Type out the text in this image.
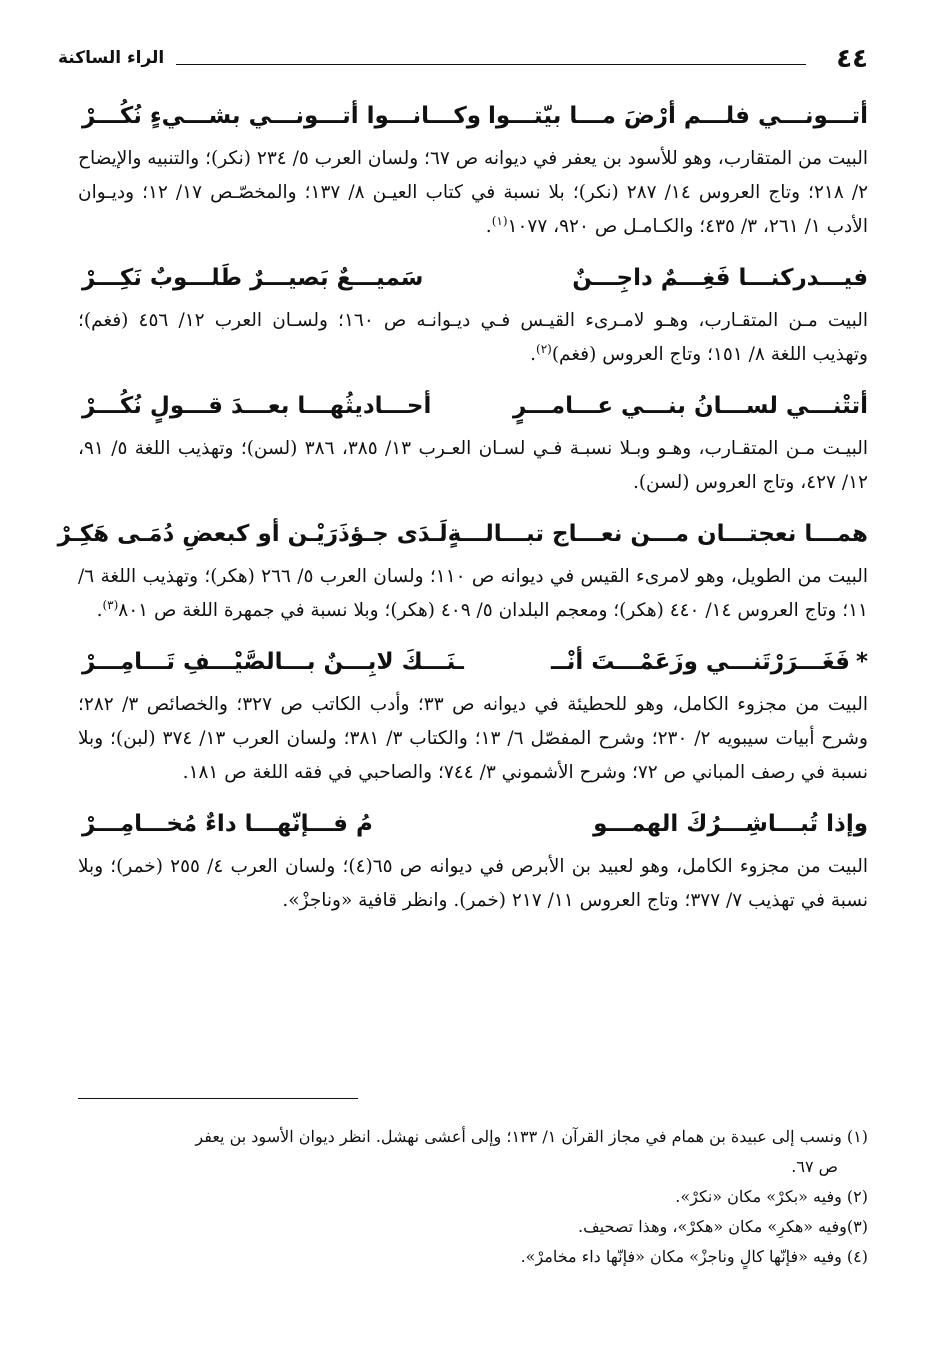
٤٤
الراء الساكنة
أتـــونـــي فلـــم أرْضَ مـــا بيّتـــوا
وكـــانـــوا أتـــونـــي بشـــيءٍ نُكُـــرْ

البيت من المتقارب، وهو للأسود بن يعفر في ديوانه ص ٦٧؛ ولسان العرب ٥/ ٢٣٤ (نكر)؛ والتنبيه والإيضاح ٢/ ٢١٨؛ وتاج العروس ١٤/ ٢٨٧ (نكر)؛ بلا نسبة في كتاب العيـن ٨/ ١٣٧؛ والمخصّـص ١٧/ ١٢؛ وديـوان الأدب ١/ ٢٦١، ٣/ ٤٣٥؛ والكـامـل ص ٩٢٠، ١٠٧٧$^{(١)}$.

فيـــدركنـــا فَغِـــمٌ داجِـــنٌ
سَميـــعٌ بَصيـــرٌ طَلـــوبٌ نَكِـــرْ

البيت مـن المتقـارب، وهـو لامـرىء القيـس فـي ديـوانـه ص ١٦٠؛ ولسـان العرب ١٢/ ٤٥٦ (فغم)؛ وتهذيب اللغة ٨/ ١٥١؛ وتاج العروس (فغم)$^{(٢)}$.

أتتْنـــي لســـانُ بنـــي عـــامـــرٍ
أحـــاديثُهـــا بعـــدَ قـــولٍ نُكُـــرْ

البيـت مـن المتقـارب، وهـو وبـلا نسبـة فـي لسـان العـرب ١٣/ ٣٨٥، ٣٨٦ (لسن)؛ وتهذيب اللغة ٥/ ٩١، ١٢/ ٤٢٧، وتاج العروس (لسن).

همـــا نعجتـــان مـــن نعـــاج تبـــالـــةٍ
لَـدَى جـؤذَرَيْـن أو كبعضِ دُمَـى هَكِـرْ

البيت من الطويل، وهو لامرىء القيس في ديوانه ص ١١٠؛ ولسان العرب ٥/ ٢٦٦ (هكر)؛ وتهذيب اللغة ٦/ ١١؛ وتاج العروس ١٤/ ٤٤٠ (هكر)؛ ومعجم البلدان ٥/ ٤٠٩ (هكر)؛ وبلا نسبة في جمهرة اللغة ص ٨٠١$^{(٣)}$.

*فَغَـــرَرْتَنـــي وزَعَمْـــتَ أنْــ
ـنَـــكَ لابِـــنٌ بـــالصَّيْـــفِ تَـــامِـــرْ

البيت من مجزوء الكامل، وهو للحطيئة في ديوانه ص ٣٣؛ وأدب الكاتب ص ٣٢٧؛ والخصائص ٣/ ٢٨٢؛ وشرح أبيات سيبويه ٢/ ٢٣٠؛ وشرح المفصّل ٦/ ١٣؛ والكتاب ٣/ ٣٨١؛ ولسان العرب ١٣/ ٣٧٤ (لبن)؛ وبلا نسبة في رصف المباني ص ٧٢؛ وشرح الأشموني ٣/ ٧٤٤؛ والصاحبي في فقه اللغة ص ١٨١.

وإذا تُبـــاشِـــرُكَ الهمـــو
مُ فـــإنّهـــا داءٌ مُخـــامِـــرْ

البيت من مجزوء الكامل، وهو لعبيد بن الأبرص في ديوانه ص ٦٥(٤)؛ ولسان العرب ٤/ ٢٥٥ (خمر)؛ وبلا نسبة في تهذيب ٧/ ٣٧٧؛ وتاج العروس ١١/ ٢١٧ (خمر). وانظر قافية «وناجزْ».

(١) ونسب إلى عبيدة بن همام في مجاز القرآن ١/ ١٣٣؛ وإلى أعشى نهشل. انظر ديوان الأسود بن يعفر

ص ٦٧.

(٢) وفيه «بكرْ» مكان «نكرْ».

(٣)وفيه «هكرِ» مكان «هكرْ»، وهذا تصحيف.

(٤) وفيه «فإنّها كالٍ وناجزْ» مكان «فإنّها داء مخامرْ».
